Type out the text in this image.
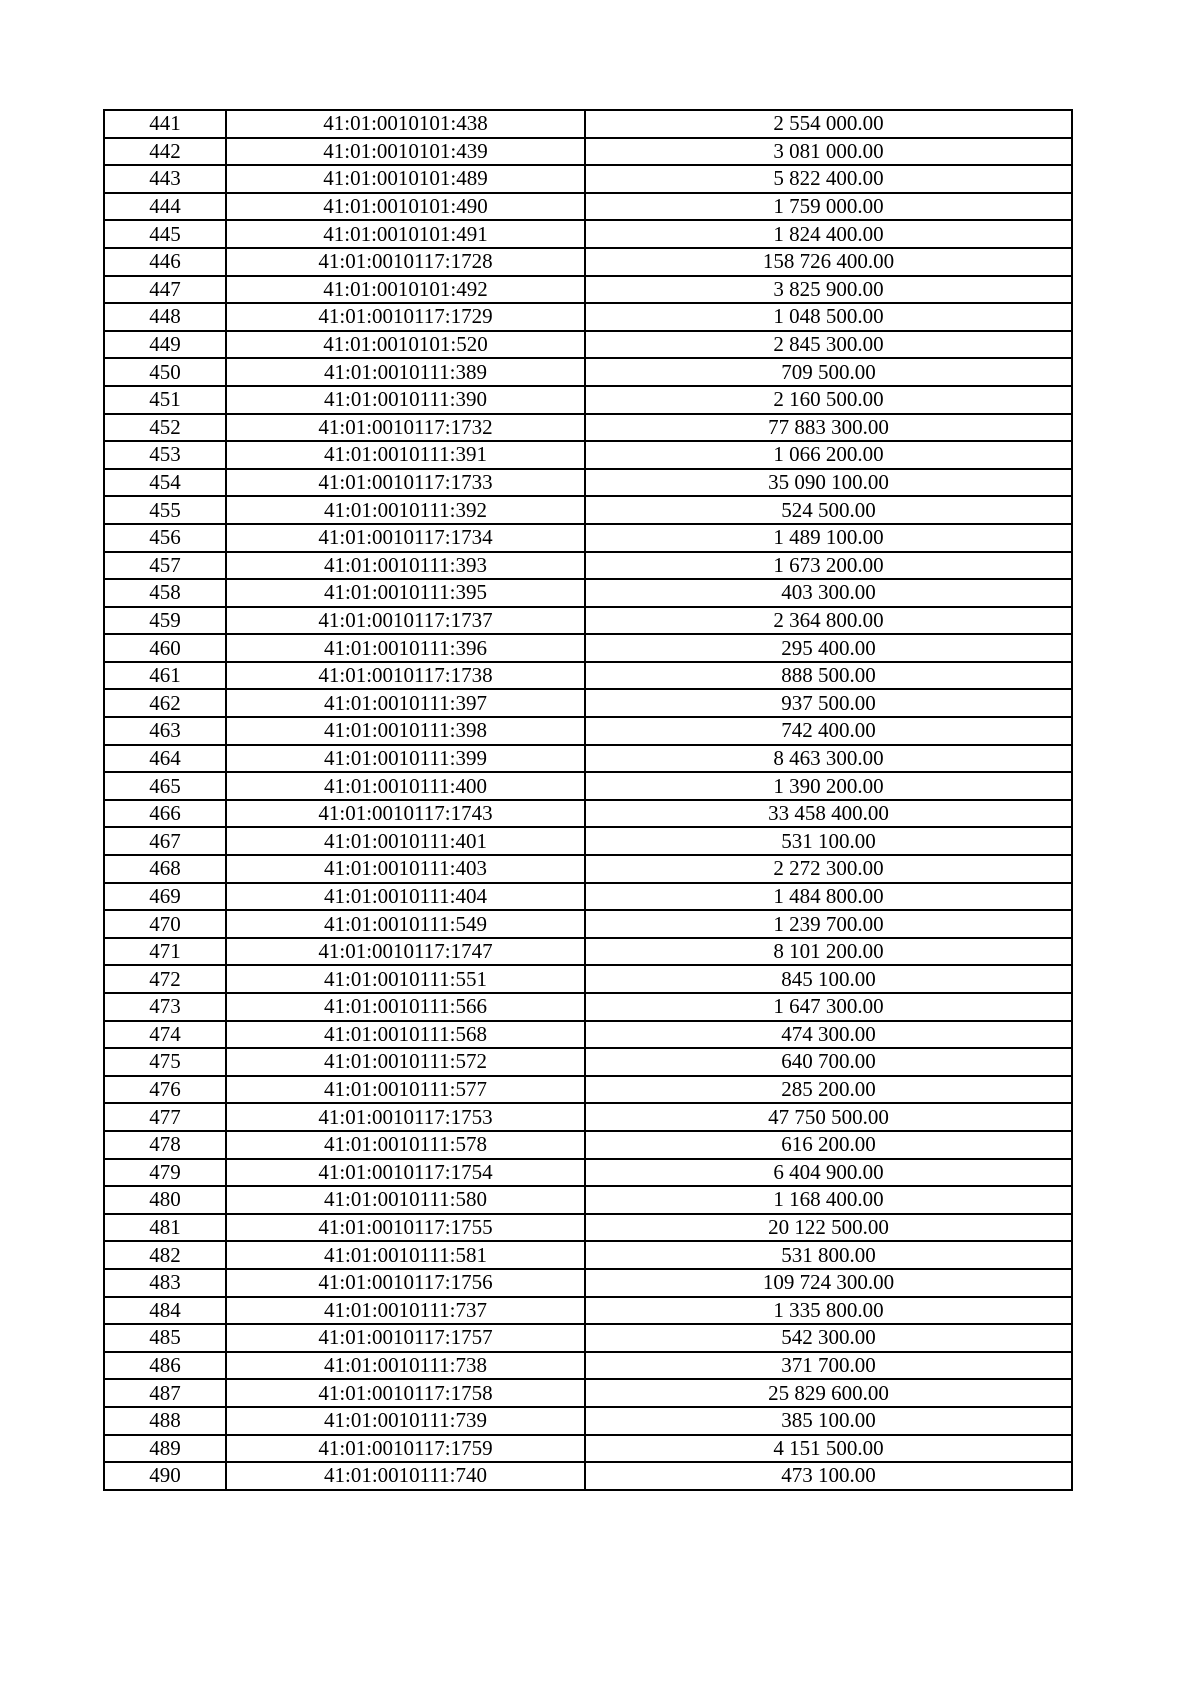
441	41:01:0010101:438	2 554 000.00
442	41:01:0010101:439	3 081 000.00
443	41:01:0010101:489	5 822 400.00
444	41:01:0010101:490	1 759 000.00
445	41:01:0010101:491	1 824 400.00
446	41:01:0010117:1728	158 726 400.00
447	41:01:0010101:492	3 825 900.00
448	41:01:0010117:1729	1 048 500.00
449	41:01:0010101:520	2 845 300.00
450	41:01:0010111:389	709 500.00
451	41:01:0010111:390	2 160 500.00
452	41:01:0010117:1732	77 883 300.00
453	41:01:0010111:391	1 066 200.00
454	41:01:0010117:1733	35 090 100.00
455	41:01:0010111:392	524 500.00
456	41:01:0010117:1734	1 489 100.00
457	41:01:0010111:393	1 673 200.00
458	41:01:0010111:395	403 300.00
459	41:01:0010117:1737	2 364 800.00
460	41:01:0010111:396	295 400.00
461	41:01:0010117:1738	888 500.00
462	41:01:0010111:397	937 500.00
463	41:01:0010111:398	742 400.00
464	41:01:0010111:399	8 463 300.00
465	41:01:0010111:400	1 390 200.00
466	41:01:0010117:1743	33 458 400.00
467	41:01:0010111:401	531 100.00
468	41:01:0010111:403	2 272 300.00
469	41:01:0010111:404	1 484 800.00
470	41:01:0010111:549	1 239 700.00
471	41:01:0010117:1747	8 101 200.00
472	41:01:0010111:551	845 100.00
473	41:01:0010111:566	1 647 300.00
474	41:01:0010111:568	474 300.00
475	41:01:0010111:572	640 700.00
476	41:01:0010111:577	285 200.00
477	41:01:0010117:1753	47 750 500.00
478	41:01:0010111:578	616 200.00
479	41:01:0010117:1754	6 404 900.00
480	41:01:0010111:580	1 168 400.00
481	41:01:0010117:1755	20 122 500.00
482	41:01:0010111:581	531 800.00
483	41:01:0010117:1756	109 724 300.00
484	41:01:0010111:737	1 335 800.00
485	41:01:0010117:1757	542 300.00
486	41:01:0010111:738	371 700.00
487	41:01:0010117:1758	25 829 600.00
488	41:01:0010111:739	385 100.00
489	41:01:0010117:1759	4 151 500.00
490	41:01:0010111:740	473 100.00
